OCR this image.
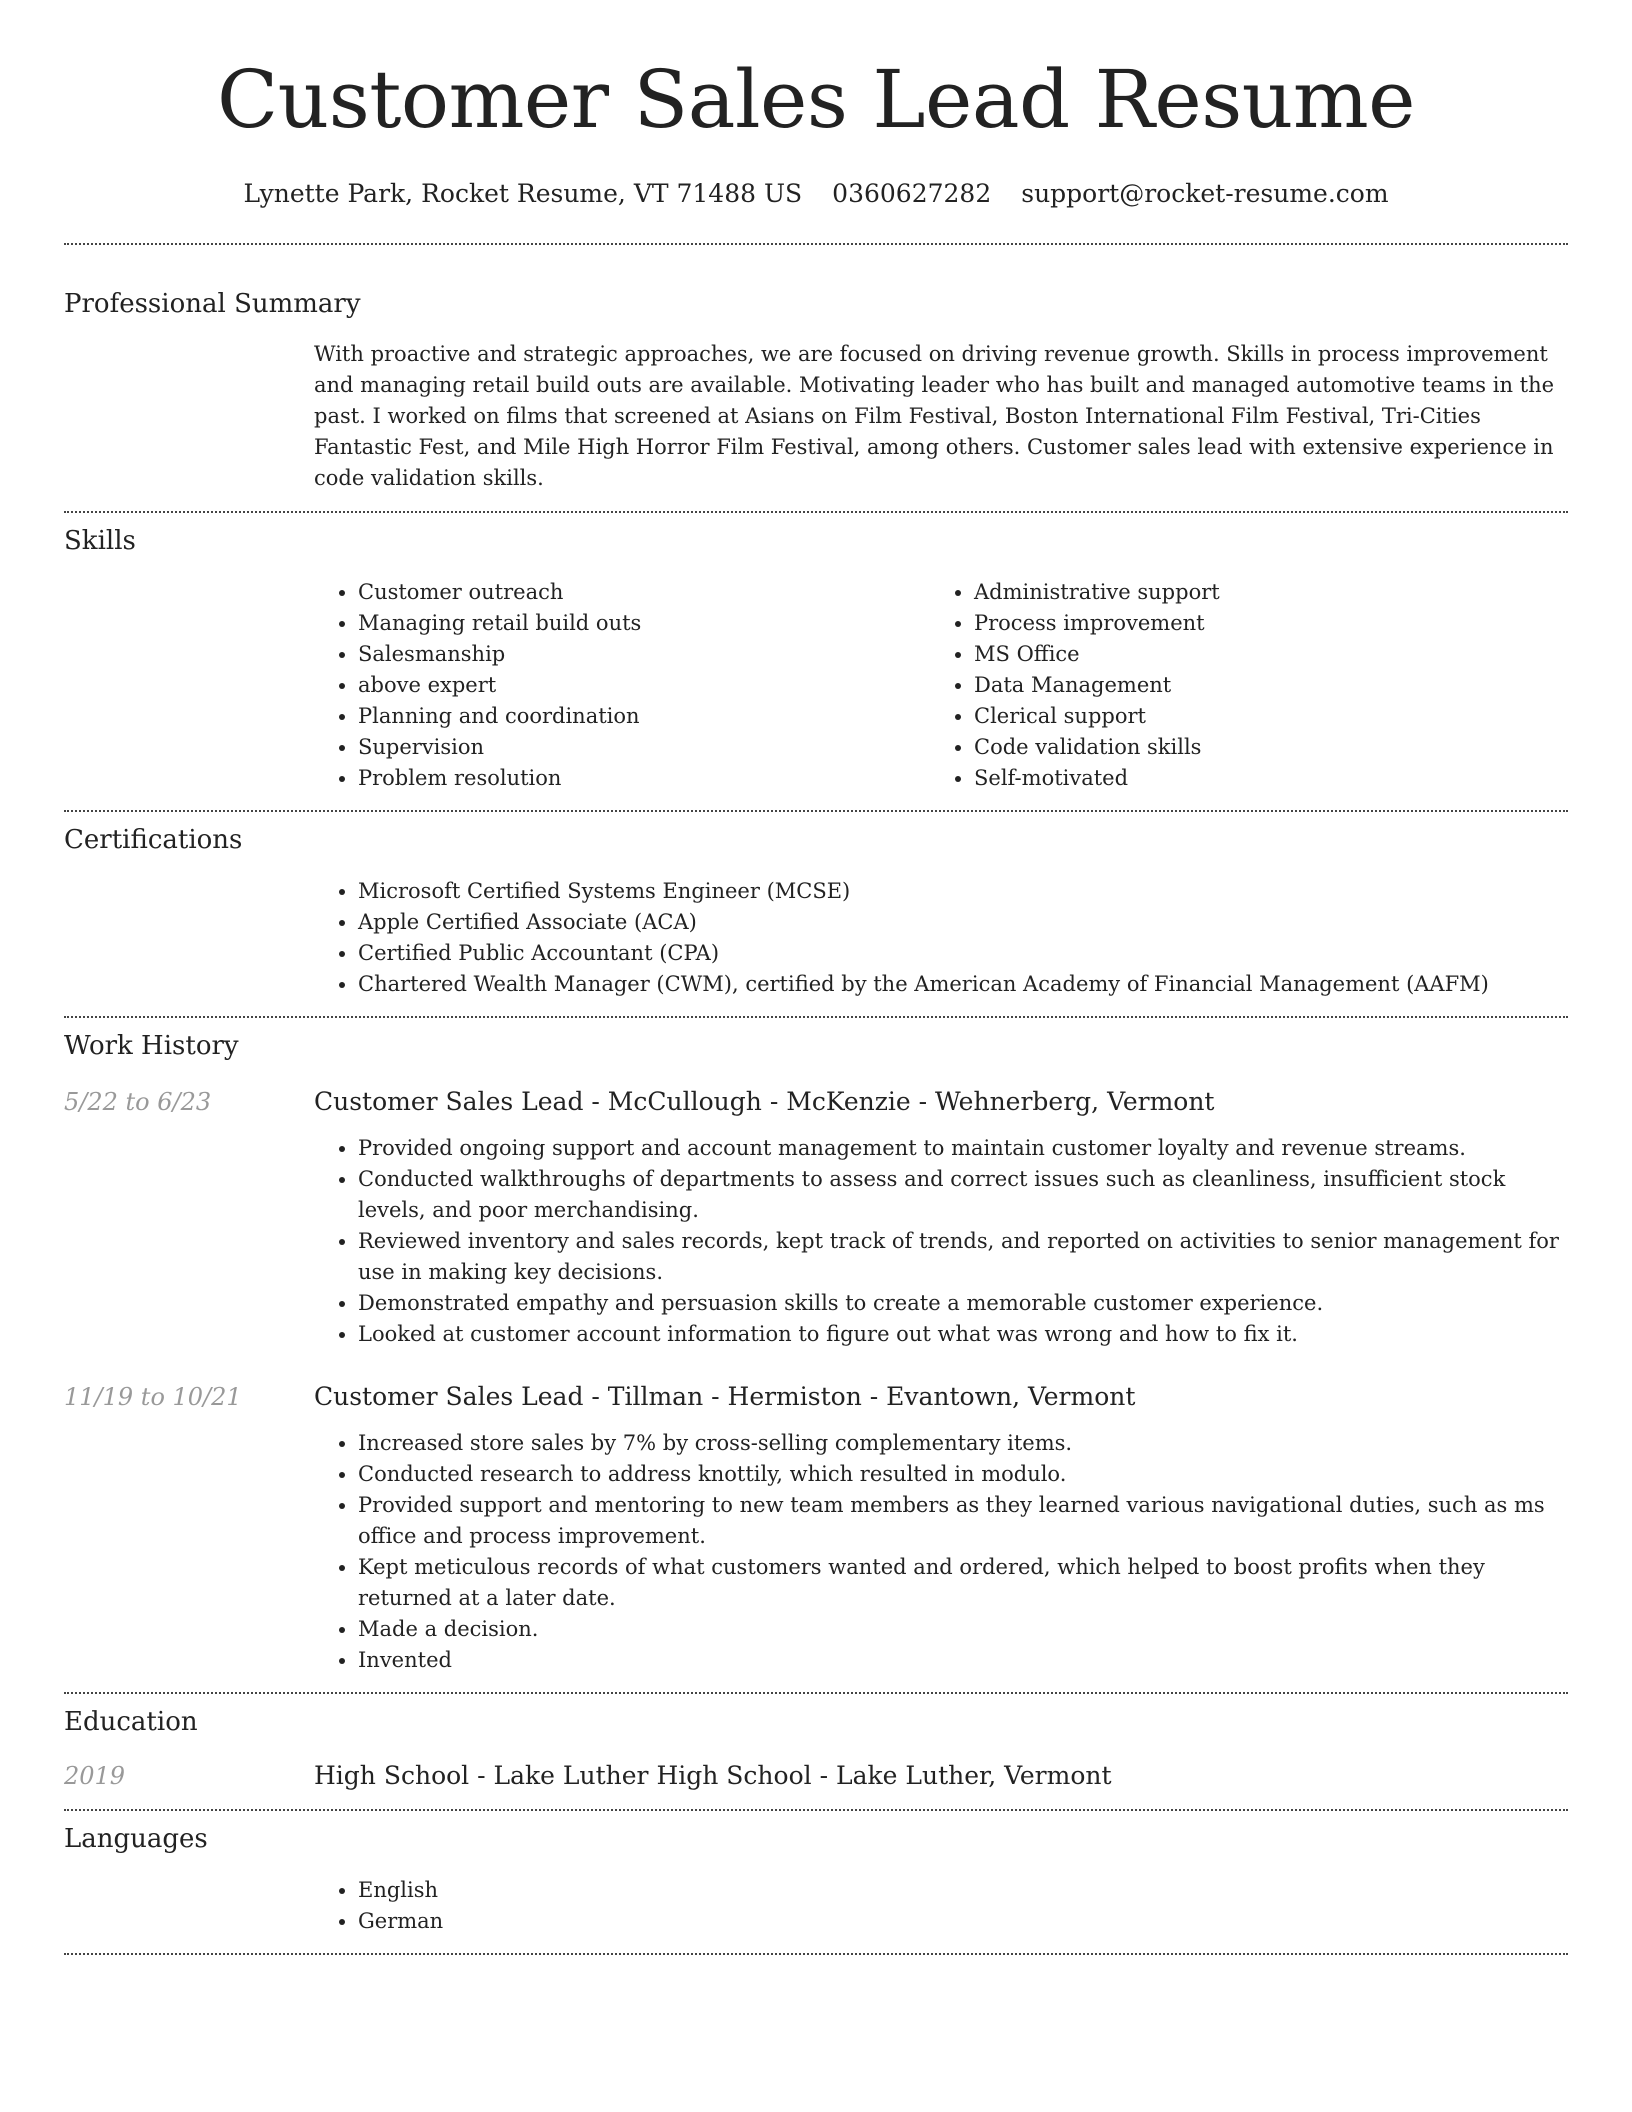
Customer Sales Lead Resume
Lynette Park, Rocket Resume, VT 71488 US 0360627282 support@rocket-resume.com
Professional Summary

With proactive and strategic approaches, we are focused on driving revenue growth. Skills in process improvement and managing retail build outs are available. Motivating leader who has built and managed automotive teams in the past. I worked on films that screened at Asians on Film Festival, Boston International Film Festival, Tri-Cities Fantastic Fest, and Mile High Horror Film Festival, among others. Customer sales lead with extensive experience in code validation skills.

Skills
• Customer outreach
• Managing retail build outs
• Salesmanship
• above expert
• Planning and coordination
• Supervision
• Problem resolution
• Administrative support
• Process improvement
• MS Office
• Data Management
• Clerical support
• Code validation skills
• Self-motivated
Certifications
• Microsoft Certified Systems Engineer (MCSE)
• Apple Certified Associate (ACA)
• Certified Public Accountant (CPA)
• Chartered Wealth Manager (CWM), certified by the American Academy of Financial Management (AAFM)
Work History
5/22 to 6/23	Customer Sales Lead - McCullough - McKenzie - Wehnerberg, Vermont
• Provided ongoing support and account management to maintain customer loyalty and revenue streams.
• Conducted walkthroughs of departments to assess and correct issues such as cleanliness, insufficient stock levels, and poor merchandising.
• Reviewed inventory and sales records, kept track of trends, and reported on activities to senior management for use in making key decisions.
• Demonstrated empathy and persuasion skills to create a memorable customer experience.
• Looked at customer account information to figure out what was wrong and how to fix it.
11/19 to 10/21	Customer Sales Lead - Tillman - Hermiston - Evantown, Vermont
• Increased store sales by 7% by cross-selling complementary items.
• Conducted research to address knottily, which resulted in modulo.
• Provided support and mentoring to new team members as they learned various navigational duties, such as ms office and process improvement.
• Kept meticulous records of what customers wanted and ordered, which helped to boost profits when they returned at a later date.
• Made a decision.
• Invented
Education
2019	High School - Lake Luther High School - Lake Luther, Vermont
Languages
• English
• German
